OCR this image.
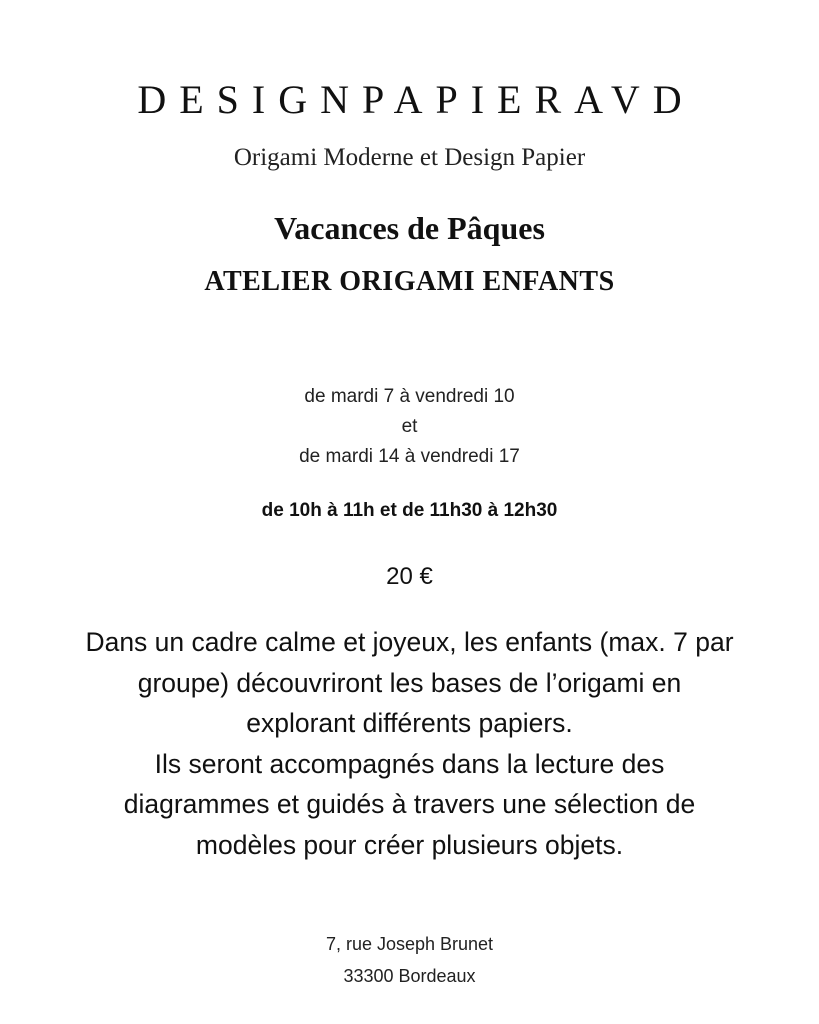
DESIGNPAPIERAVD
Origami Moderne et Design Papier
Vacances de Pâques
ATELIER ORIGAMI ENFANTS
de mardi 7 à vendredi 10
et
de mardi 14 à vendredi 17
de 10h à 11h et de 11h30 à 12h30
20 €
Dans un cadre calme et joyeux, les enfants (max. 7 par
groupe) découvriront les bases de l’origami en
explorant différents papiers.
Ils seront accompagnés dans la lecture des
diagrammes et guidés à travers une sélection de
modèles pour créer plusieurs objets.
7, rue Joseph Brunet
33300 Bordeaux
